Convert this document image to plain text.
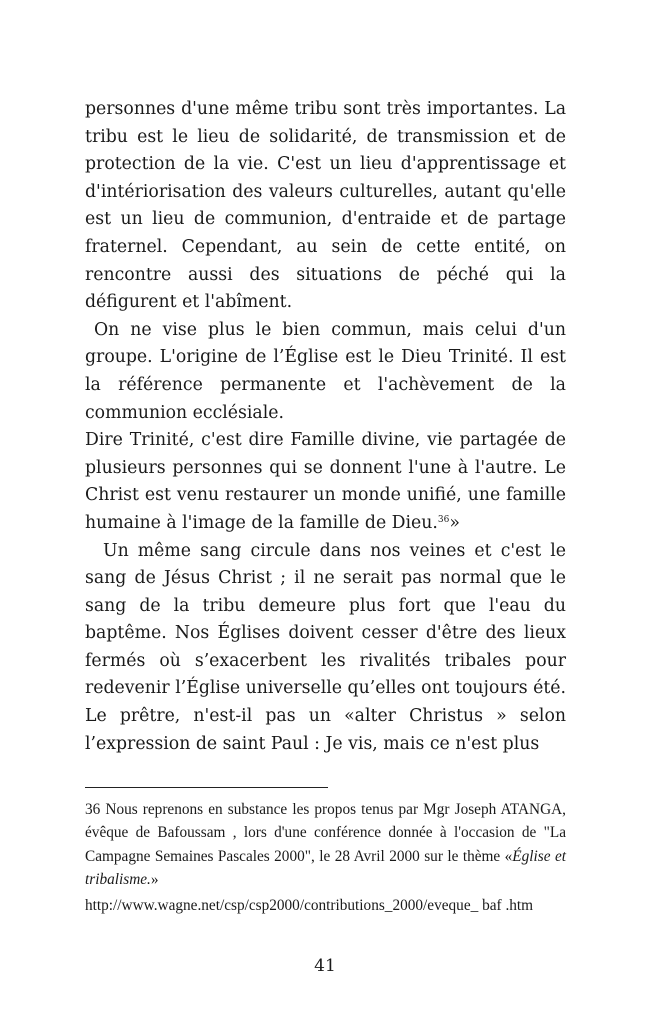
personnes d'une même tribu sont très importantes. La tribu est le lieu de solidarité, de transmission et de protection de la vie. C'est un lieu d'apprentissage et d'intériorisation des valeurs culturelles, autant qu'elle est un lieu de communion, d'entraide et de partage fraternel. Cependant, au sein de cette entité, on rencontre aussi des situations de péché qui la défigurent et l'abîment.

On ne vise plus le bien commun, mais celui d'un groupe. L'origine de l’Église est le Dieu Trinité. Il est la référence permanente et l'achèvement de la communion ecclésiale.

Dire Trinité, c'est dire Famille divine, vie partagée de plusieurs personnes qui se donnent l'une à l'autre. Le Christ est venu restaurer un monde unifié, une famille humaine à l'image de la famille de Dieu.$^{36}$»

Un même sang circule dans nos veines et c'est le sang de Jésus Christ ; il ne serait pas normal que le sang de la tribu demeure plus fort que l'eau du baptême. Nos Églises doivent cesser d'être des lieux fermés où s’exacerbent les rivalités tribales pour redevenir l’Église universelle qu’elles ont toujours été. Le prêtre, n'est-il pas un «alter Christus » selon l’expression de saint Paul : Je vis, mais ce n'est plus

36 Nous reprenons en substance les propos tenus par Mgr Joseph ATANGA, évêque de Bafoussam , lors d'une conférence donnée à l'occasion de "La Campagne Semaines Pascales 2000", le 28 Avril 2000 sur le thème «Église et tribalisme.»

http://www.wagne.net/csp/csp2000/contributions_2000/eveque_ baf .htm

41
